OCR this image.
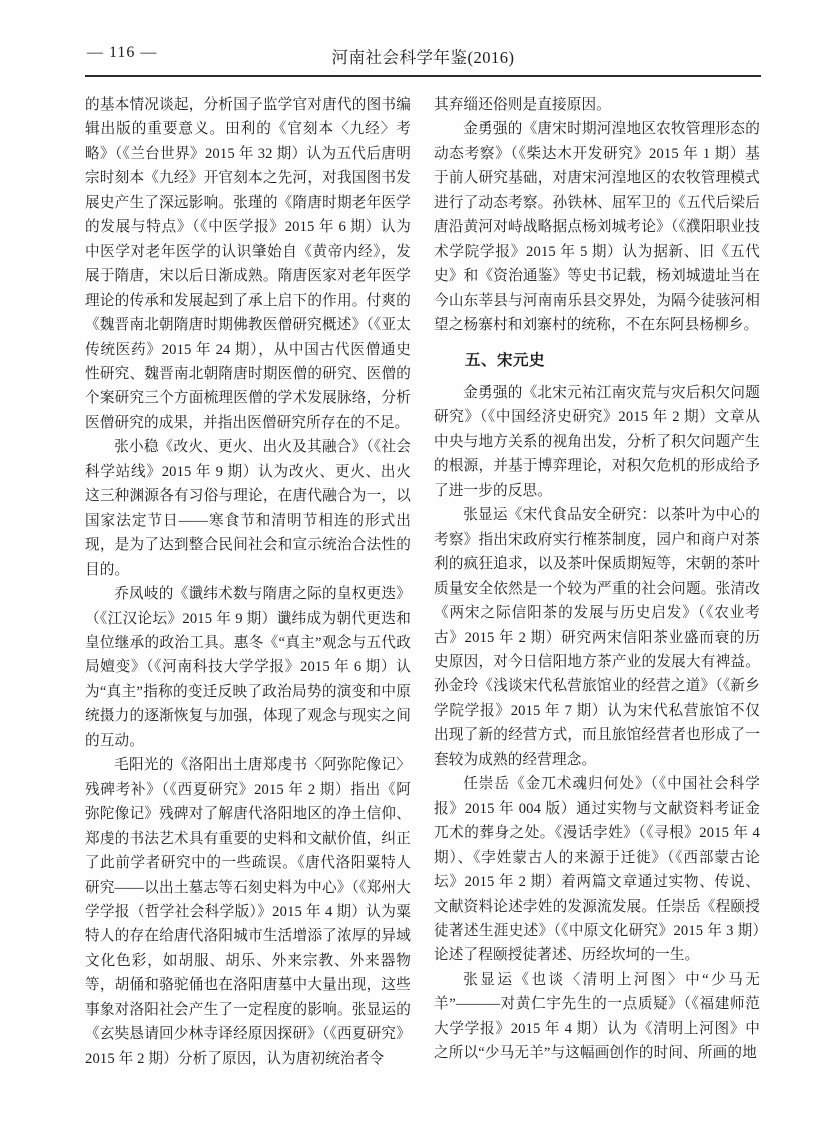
— 116 —	河南社会科学年鉴(2016)

的基本情况谈起，分析国子监学官对唐代的图书编辑出版的重要意义。田利的《官刻本〈九经〉考略》（《兰台世界》2015 年 32 期）认为五代后唐明宗时刻本《九经》开官刻本之先河，对我国图书发展史产生了深远影响。张瑾的《隋唐时期老年医学的发展与特点》（《中医学报》2015 年 6 期）认为中医学对老年医学的认识肇始自《黄帝内经》，发展于隋唐，宋以后日渐成熟。隋唐医家对老年医学理论的传承和发展起到了承上启下的作用。付爽的《魏晋南北朝隋唐时期佛教医僧研究概述》（《亚太传统医药》2015 年 24 期），从中国古代医僧通史性研究、魏晋南北朝隋唐时期医僧的研究、医僧的个案研究三个方面梳理医僧的学术发展脉络，分析医僧研究的成果，并指出医僧研究所存在的不足。

张小稳《改火、更火、出火及其融合》（《社会科学站线》2015 年 9 期）认为改火、更火、出火这三种渊源各有习俗与理论，在唐代融合为一，以国家法定节日——寒食节和清明节相连的形式出现，是为了达到整合民间社会和宣示统治合法性的目的。

乔凤岐的《谶纬术数与隋唐之际的皇权更迭》（《江汉论坛》2015 年 9 期）谶纬成为朝代更迭和皇位继承的政治工具。惠冬《“真主”观念与五代政局嬗变》（《河南科技大学学报》2015 年 6 期）认为“真主”指称的变迁反映了政治局势的演变和中原统摄力的逐渐恢复与加强，体现了观念与现实之间的互动。

毛阳光的《洛阳出土唐郑虔书〈阿弥陀像记〉残碑考补》（《西夏研究》2015 年 2 期）指出《阿弥陀像记》残碑对了解唐代洛阳地区的净土信仰、郑虔的书法艺术具有重要的史料和文献价值，纠正了此前学者研究中的一些疏误。《唐代洛阳粟特人研究——以出土墓志等石刻史料为中心》（《郑州大学学报（哲学社会科学版）》2015 年 4 期）认为粟特人的存在给唐代洛阳城市生活增添了浓厚的异域文化色彩，如胡服、胡乐、外来宗教、外来器物等，胡俑和骆驼俑也在洛阳唐墓中大量出现，这些事象对洛阳社会产生了一定程度的影响。张显运的《玄奘恳请回少林寺译经原因探研》（《西夏研究》2015 年 2 期）分析了原因，认为唐初统治者令

其弃缁还俗则是直接原因。

金勇强的《唐宋时期河湟地区农牧管理形态的动态考察》（《柴达木开发研究》2015 年 1 期）基于前人研究基础，对唐宋河湟地区的农牧管理模式进行了动态考察。孙铁林、屈军卫的《五代后梁后唐沿黄河对峙战略据点杨刘城考论》（《濮阳职业技术学院学报》2015 年 5 期）认为据新、旧《五代史》和《资治通鉴》等史书记载，杨刘城遗址当在今山东莘县与河南南乐县交界处，为隔今徒骇河相望之杨寨村和刘寨村的统称，不在东阿县杨柳乡。

五、宋元史

金勇强的《北宋元祐江南灾荒与灾后积欠问题研究》（《中国经济史研究》2015 年 2 期）文章从中央与地方关系的视角出发，分析了积欠问题产生的根源，并基于博弈理论，对积欠危机的形成给予了进一步的反思。

张显运《宋代食品安全研究：以茶叶为中心的考察》指出宋政府实行榷茶制度，园户和商户对茶利的疯狂追求，以及茶叶保质期短等，宋朝的茶叶质量安全依然是一个较为严重的社会问题。张清改《两宋之际信阳茶的发展与历史启发》（《农业考古》2015 年 2 期）研究两宋信阳茶业盛而衰的历史原因，对今日信阳地方茶产业的发展大有裨益。孙金玲《浅谈宋代私营旅馆业的经营之道》（《新乡学院学报》2015 年 7 期）认为宋代私营旅馆不仅出现了新的经营方式，而且旅馆经营者也形成了一套较为成熟的经营理念。

任崇岳《金兀术魂归何处》（《中国社会科学报》2015 年 004 版）通过实物与文献资料考证金兀术的葬身之处。《漫话孛姓》（《寻根》2015 年 4 期）、《孛姓蒙古人的来源于迁徙》（《西部蒙古论坛》2015 年 2 期）着两篇文章通过实物、传说、文献资料论述孛姓的发源流发展。任崇岳《程颐授徒著述生涯史述》（《中原文化研究》2015 年 3 期）论述了程颐授徒著述、历经坎坷的一生。

张显运《也谈〈清明上河图〉中“少马无羊”———对黄仁宇先生的一点质疑》（《福建师范大学学报》2015 年 4 期）认为《清明上河图》中之所以“少马无羊”与这幅画创作的时间、所画的地
